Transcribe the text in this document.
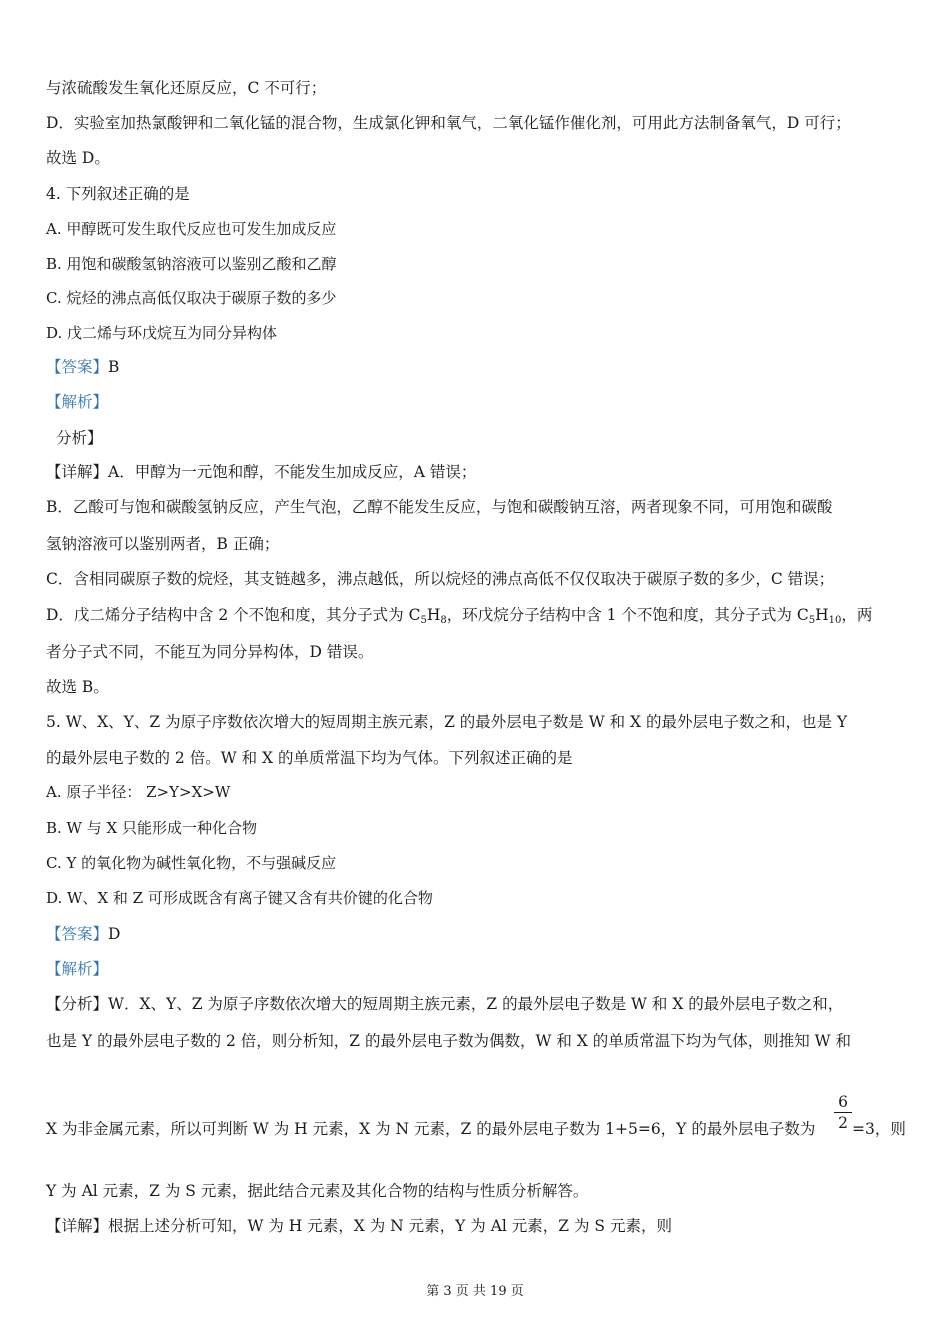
与浓硫酸发生氧化还原反应，C 不可行；
D．实验室加热氯酸钾和二氧化锰的混合物，生成氯化钾和氧气，二氧化锰作催化剂，可用此方法制备氧气，D 可行；
故选 D。
4. 下列叙述正确的是
A. 甲醇既可发生取代反应也可发生加成反应
B. 用饱和碳酸氢钠溶液可以鉴别乙酸和乙醇
C. 烷烃的沸点高低仅取决于碳原子数的多少
D. 戊二烯与环戊烷互为同分异构体
【答案】B
【解析】
分析】
【详解】A．甲醇为一元饱和醇，不能发生加成反应，A 错误；
B．乙酸可与饱和碳酸氢钠反应，产生气泡，乙醇不能发生反应，与饱和碳酸钠互溶，两者现象不同，可用饱和碳酸
氢钠溶液可以鉴别两者，B 正确；
C．含相同碳原子数的烷烃，其支链越多，沸点越低，所以烷烃的沸点高低不仅仅取决于碳原子数的多少，C 错误；
D．戊二烯分子结构中含 2 个不饱和度，其分子式为 $C_5H_8$，环戊烷分子结构中含 1 个不饱和度，其分子式为 $C_5H_{10}$，两
者分子式不同，不能互为同分异构体，D 错误。
故选 B。
5. W、X、Y、Z 为原子序数依次增大的短周期主族元素，Z 的最外层电子数是 W 和 X 的最外层电子数之和，也是 Y
的最外层电子数的 2 倍。W 和 X 的单质常温下均为气体。下列叙述正确的是
A. 原子半径： Z>Y>X>W
B. W 与 X 只能形成一种化合物
C. Y 的氧化物为碱性氧化物，不与强碱反应
D. W、X 和 Z 可形成既含有离子键又含有共价键的化合物
【答案】D
【解析】
【分析】W．X、Y、Z 为原子序数依次增大的短周期主族元素，Z 的最外层电子数是 W 和 X 的最外层电子数之和，
也是 Y 的最外层电子数的 2 倍，则分析知，Z 的最外层电子数为偶数，W 和 X 的单质常温下均为气体，则推知 W 和
X 为非金属元素，所以可判断 W 为 H 元素，X 为 N 元素，Z 的最外层电子数为 1+5=6，Y 的最外层电子数为
6
2 =3，则
Y 为 Al 元素，Z 为 S 元素，据此结合元素及其化合物的结构与性质分析解答。
【详解】根据上述分析可知，W 为 H 元素，X 为 N 元素，Y 为 Al 元素，Z 为 S 元素，则
第 3 页 共 19 页
